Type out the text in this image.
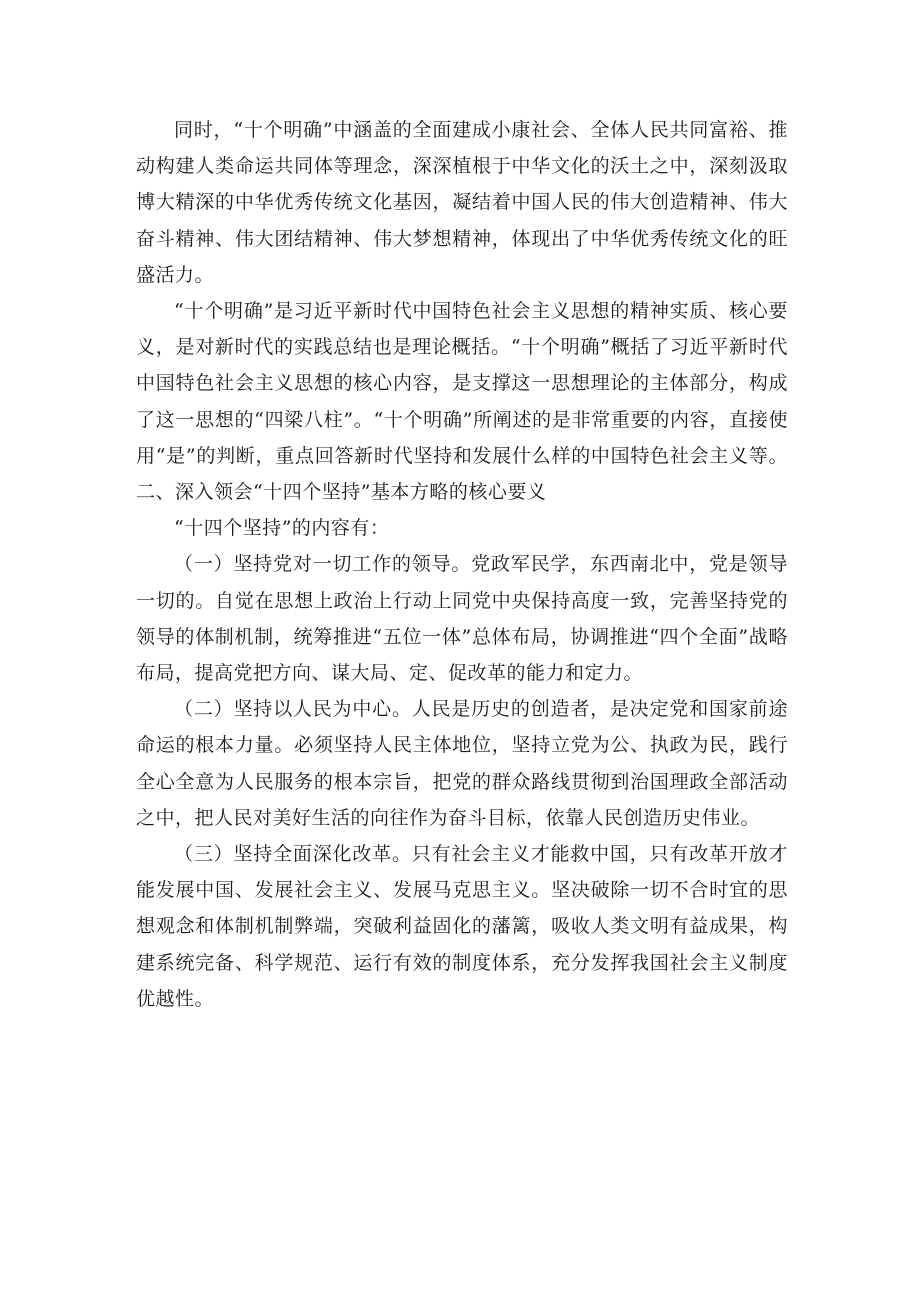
同时，“十个明确”中涵盖的全面建成小康社会、全体人民共同富裕、推动构建人类命运共同体等理念，深深植根于中华文化的沃土之中，深刻汲取博大精深的中华优秀传统文化基因，凝结着中国人民的伟大创造精神、伟大奋斗精神、伟大团结精神、伟大梦想精神，体现出了中华优秀传统文化的旺盛活力。

“十个明确”是习近平新时代中国特色社会主义思想的精神实质、核心要义，是对新时代的实践总结也是理论概括。“十个明确”概括了习近平新时代中国特色社会主义思想的核心内容，是支撑这一思想理论的主体部分，构成了这一思想的“四梁八柱”。“十个明确”所阐述的是非常重要的内容，直接使用“是”的判断，重点回答新时代坚持和发展什么样的中国特色社会主义等。二、深入领会“十四个坚持”基本方略的核心要义

“十四个坚持”的内容有：

（一）坚持党对一切工作的领导。党政军民学，东西南北中，党是领导一切的。自觉在思想上政治上行动上同党中央保持高度一致，完善坚持党的领导的体制机制，统筹推进“五位一体”总体布局，协调推进“四个全面”战略布局，提高党把方向、谋大局、定、促改革的能力和定力。

（二）坚持以人民为中心。人民是历史的创造者，是决定党和国家前途命运的根本力量。必须坚持人民主体地位，坚持立党为公、执政为民，践行全心全意为人民服务的根本宗旨，把党的群众路线贯彻到治国理政全部活动之中，把人民对美好生活的向往作为奋斗目标，依靠人民创造历史伟业。

（三）坚持全面深化改革。只有社会主义才能救中国，只有改革开放才能发展中国、发展社会主义、发展马克思主义。坚决破除一切不合时宜的思想观念和体制机制弊端，突破利益固化的藩篱，吸收人类文明有益成果，构建系统完备、科学规范、运行有效的制度体系，充分发挥我国社会主义制度优越性。
